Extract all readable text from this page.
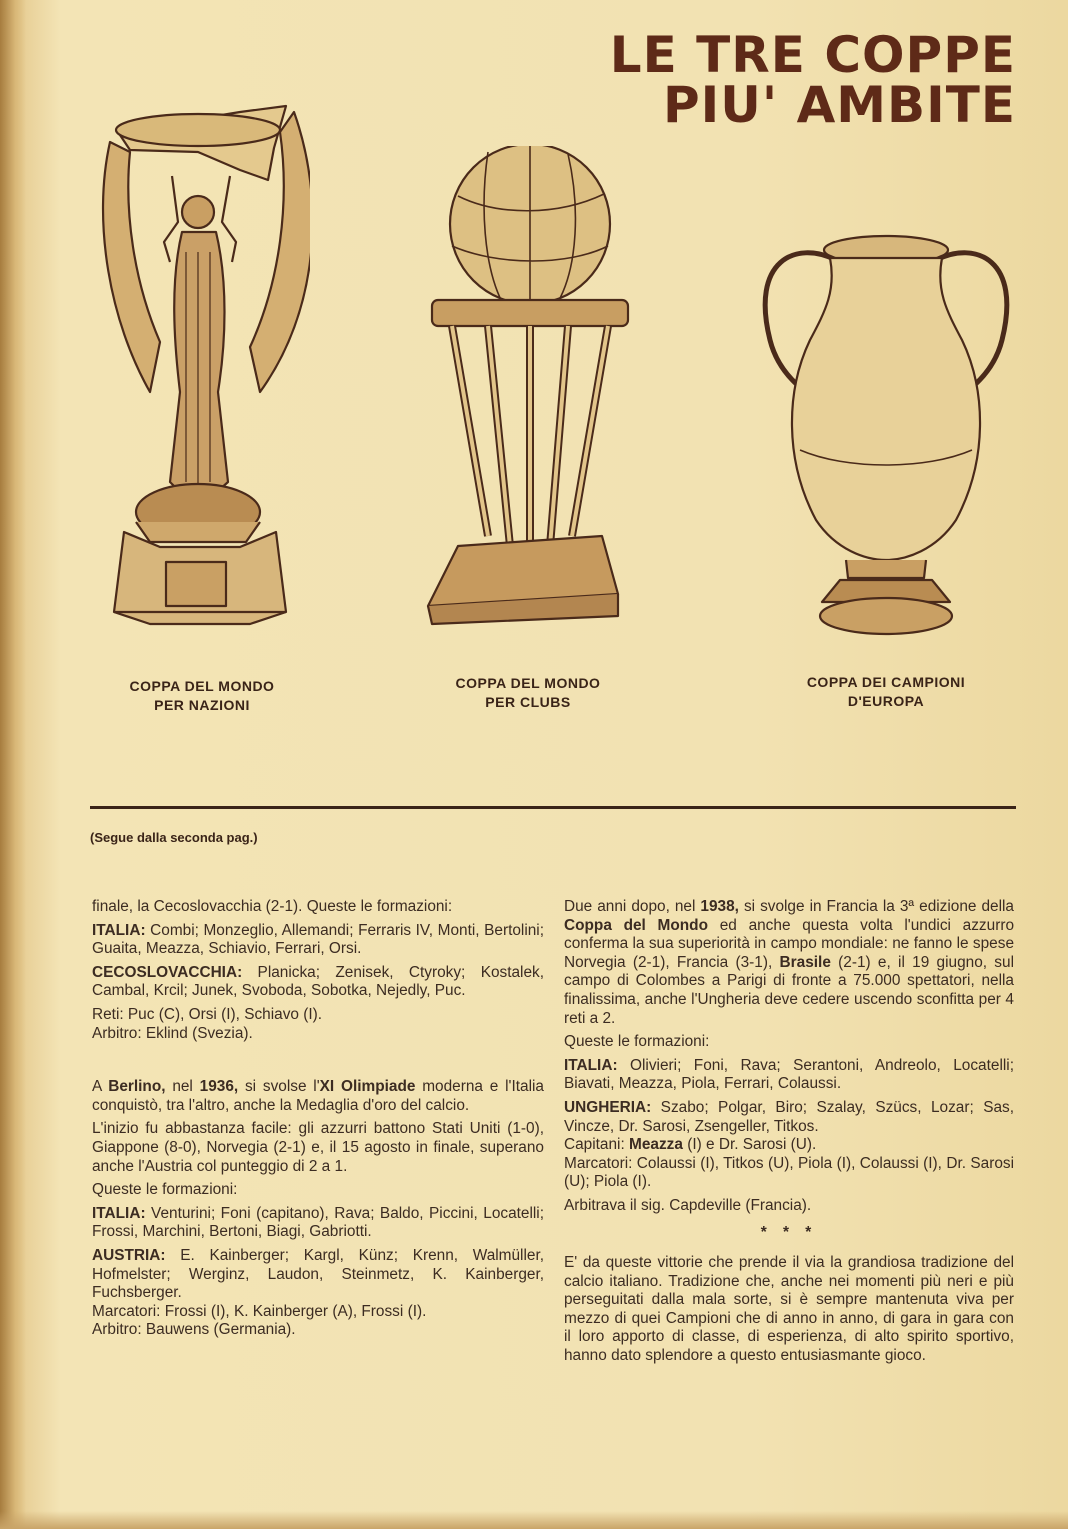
LE TRE COPPE
PIU' AMBITE
COPPA DEL MONDO
PER NAZIONI
COPPA DEL MONDO
PER CLUBS
COPPA DEI CAMPIONI
D'EUROPA
(Segue dalla seconda pag.)

finale, la Cecoslovacchia (2-1). Queste le formazioni:

ITALIA: Combi; Monzeglio, Allemandi; Ferraris IV, Monti, Bertolini; Guaita, Meazza, Schiavio, Ferrari, Orsi.

CECOSLOVACCHIA: Planicka; Zenisek, Ctyroky; Kostalek, Cambal, Krcil; Junek, Svoboda, Sobotka, Nejedly, Puc.

Reti: Puc (C), Orsi (I), Schiavo (I).

Arbitro: Eklind (Svezia).

A Berlino, nel 1936, si svolse l'XI Olimpiade moderna e l'Italia conquistò, tra l'altro, anche la Medaglia d'oro del calcio.

L'inizio fu abbastanza facile: gli azzurri battono Stati Uniti (1-0), Giappone (8-0), Norvegia (2-1) e, il 15 agosto in finale, superano anche l'Austria col punteggio di 2 a 1.

Queste le formazioni:

ITALIA: Venturini; Foni (capitano), Rava; Baldo, Piccini, Locatelli; Frossi, Marchini, Bertoni, Biagi, Gabriotti.

AUSTRIA: E. Kainberger; Kargl, Künz; Krenn, Walmüller, Hofmelster; Werginz, Laudon, Steinmetz, K. Kainberger, Fuchsberger.

Marcatori: Frossi (I), K. Kainberger (A), Frossi (I).

Arbitro: Bauwens (Germania).

Due anni dopo, nel 1938, si svolge in Francia la 3ª edizione della Coppa del Mondo ed anche questa volta l'undici azzurro conferma la sua superiorità in campo mondiale: ne fanno le spese Norvegia (2-1), Francia (3-1), Brasile (2-1) e, il 19 giugno, sul campo di Colombes a Parigi di fronte a 75.000 spettatori, nella finalissima, anche l'Ungheria deve cedere uscendo sconfitta per 4 reti a 2.

Queste le formazioni:

ITALIA: Olivieri; Foni, Rava; Serantoni, Andreolo, Locatelli; Biavati, Meazza, Piola, Ferrari, Colaussi.

UNGHERIA: Szabo; Polgar, Biro; Szalay, Szücs, Lozar; Sas, Vincze, Dr. Sarosi, Zsengeller, Titkos.

Capitani: Meazza (I) e Dr. Sarosi (U).

Marcatori: Colaussi (I), Titkos (U), Piola (I), Colaussi (I), Dr. Sarosi (U); Piola (I).

Arbitrava il sig. Capdeville (Francia).

* * *

E' da queste vittorie che prende il via la grandiosa tradizione del calcio italiano. Tradizione che, anche nei momenti più neri e più perseguitati dalla mala sorte, si è sempre mantenuta viva per mezzo di quei Campioni che di anno in anno, di gara in gara con il loro apporto di classe, di esperienza, di alto spirito sportivo, hanno dato splendore a questo entusiasmante gioco.
